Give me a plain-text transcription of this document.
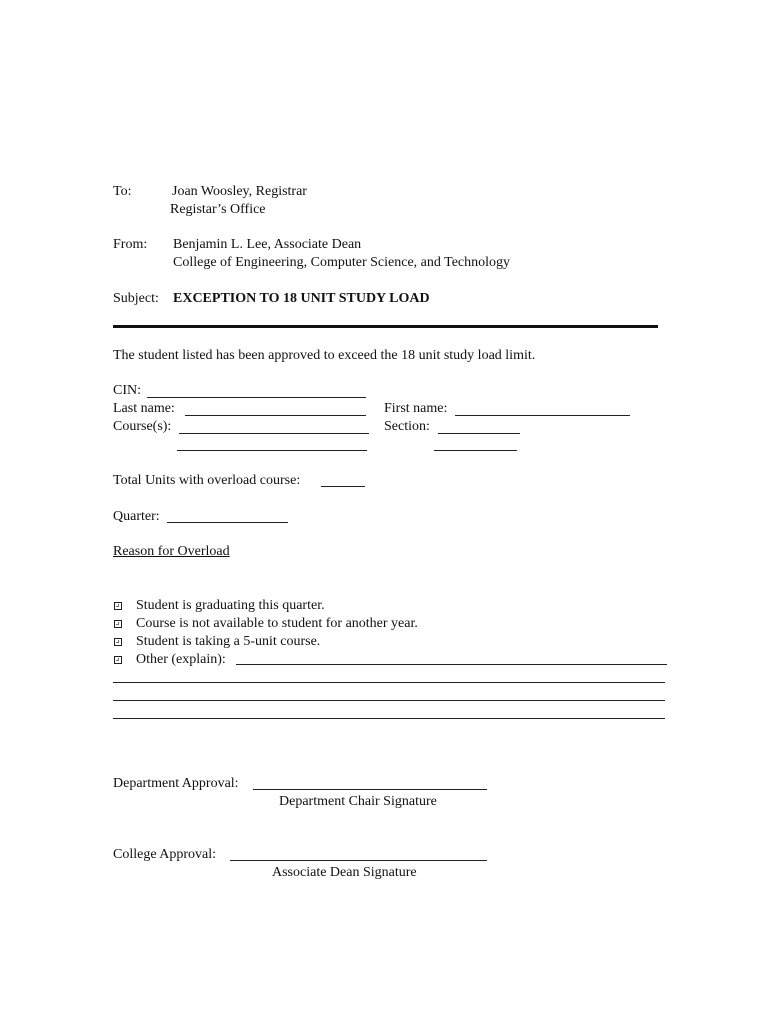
To:	Joan Woosley, Registrar
Registar’s Office
From: Benjamin L. Lee, Associate Dean
College of Engineering, Computer Science, and Technology
Subject: EXCEPTION TO 18 UNIT STUDY LOAD
The student listed has been approved to exceed the 18 unit study load limit.
CIN:
Last name:	First name:
Course(s):	Section:
Total Units with overload course:
Quarter:
Reason for Overload
Student is graduating this quarter.
Course is not available to student for another year.
Student is taking a 5-unit course.
Other (explain):
Department Approval:
Department Chair Signature
College Approval:
Associate Dean Signature
